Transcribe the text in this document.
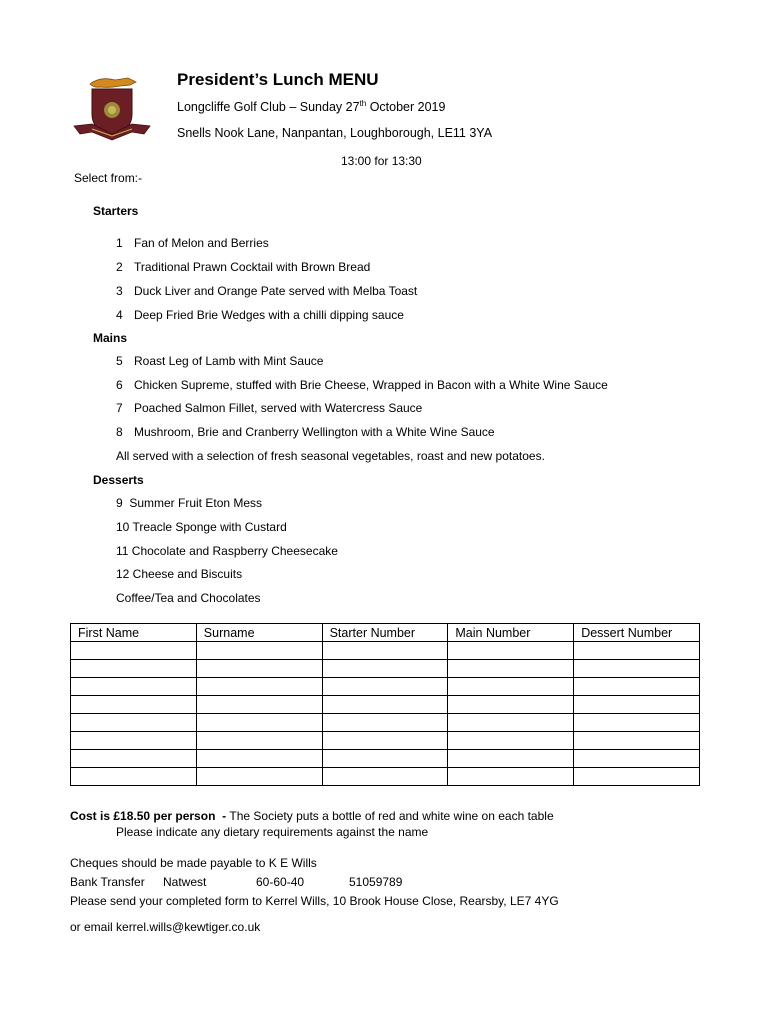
President’s Lunch MENU
Longcliffe Golf Club – Sunday 27th October 2019
Snells Nook Lane, Nanpantan, Loughborough, LE11 3YA
13:00 for 13:30
Select from:-
Starters
1 Fan of Melon and Berries
2 Traditional Prawn Cocktail with Brown Bread
3 Duck Liver and Orange Pate served with Melba Toast
4 Deep Fried Brie Wedges with a chilli dipping sauce
Mains
5 Roast Leg of Lamb with Mint Sauce
6 Chicken Supreme, stuffed with Brie Cheese, Wrapped in Bacon with a White Wine Sauce
7 Poached Salmon Fillet, served with Watercress Sauce
8 Mushroom, Brie and Cranberry Wellington with a White Wine Sauce
All served with a selection of fresh seasonal vegetables, roast and new potatoes.
Desserts
9  Summer Fruit Eton Mess
10 Treacle Sponge with Custard
11 Chocolate and Raspberry Cheesecake
12 Cheese and Biscuits
Coffee/Tea and Chocolates
First Name	Surname	Starter Number	Main Number	Dessert Number

Cost is £18.50 per person  - The Society puts a bottle of red and white wine on each table
Please indicate any dietary requirements against the name
Cheques should be made payable to K E Wills
Bank Transfer Natwest	60-60-40	51059789
Please send your completed form to Kerrel Wills, 10 Brook House Close, Rearsby, LE7 4YG
or email kerrel.wills@kewtiger.co.uk
